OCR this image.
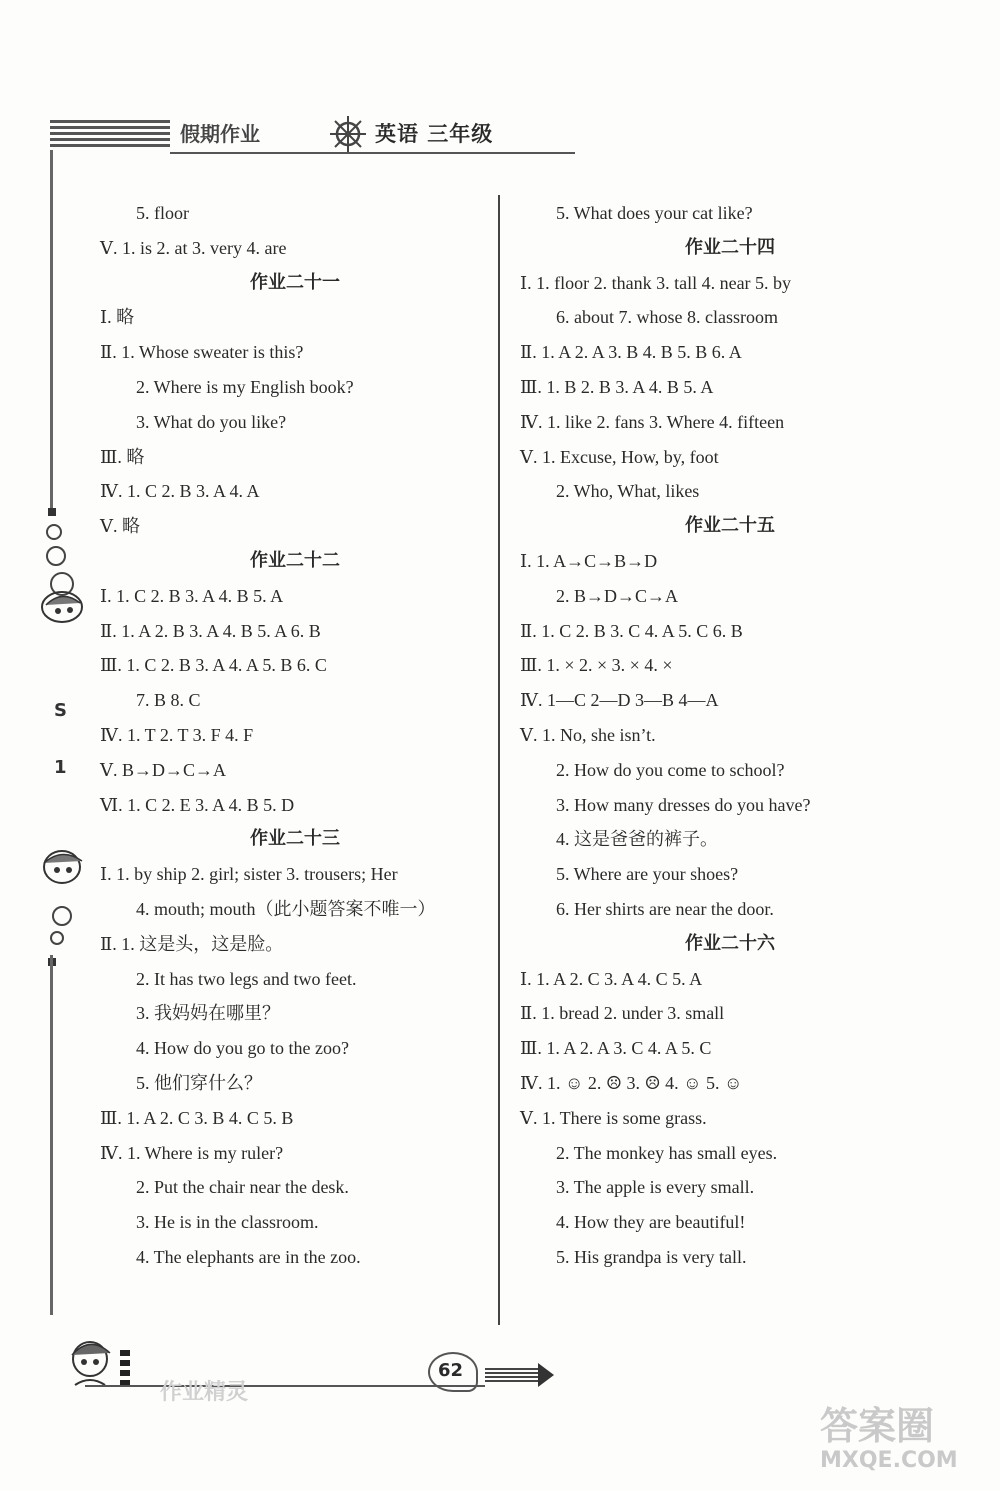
假期作业	英语 三年级
S
1
5. floor
Ⅴ. 1. is 2. at 3. very 4. are
作业二十一
Ⅰ. 略
Ⅱ. 1. Whose sweater is this?
2. Where is my English book?
3. What do you like?
Ⅲ. 略
Ⅳ. 1. C 2. B 3. A 4. A
Ⅴ. 略
作业二十二
Ⅰ. 1. C 2. B 3. A 4. B 5. A
Ⅱ. 1. A 2. B 3. A 4. B 5. A 6. B
Ⅲ. 1. C 2. B 3. A 4. A 5. B 6. C
7. B 8. C
Ⅳ. 1. T 2. T 3. F 4. F
Ⅴ. B→D→C→A
Ⅵ. 1. C 2. E 3. A 4. B 5. D
作业二十三
Ⅰ. 1. by ship 2. girl; sister 3. trousers; Her
4. mouth; mouth（此小题答案不唯一）
Ⅱ. 1. 这是头，这是脸。
2. It has two legs and two feet.
3. 我妈妈在哪里？
4. How do you go to the zoo?
5. 他们穿什么？
Ⅲ. 1. A 2. C 3. B 4. C 5. B
Ⅳ. 1. Where is my ruler?
2. Put the chair near the desk.
3. He is in the classroom.
4. The elephants are in the zoo.
5. What does your cat like?
作业二十四
Ⅰ. 1. floor 2. thank 3. tall 4. near 5. by
6. about 7. whose 8. classroom
Ⅱ. 1. A 2. A 3. B 4. B 5. B 6. A
Ⅲ. 1. B 2. B 3. A 4. B 5. A
Ⅳ. 1. like 2. fans 3. Where 4. fifteen
Ⅴ. 1. Excuse, How, by, foot
2. Who, What, likes
作业二十五
Ⅰ. 1. A→C→B→D
2. B→D→C→A
Ⅱ. 1. C 2. B 3. C 4. A 5. C 6. B
Ⅲ. 1. × 2. × 3. × 4. ×
Ⅳ. 1—C 2—D 3—B 4—A
Ⅴ. 1. No, she isn’t.
2. How do you come to school?
3. How many dresses do you have?
4. 这是爸爸的裤子。
5. Where are your shoes?
6. Her shirts are near the door.
作业二十六
Ⅰ. 1. A 2. C 3. A 4. C 5. A
Ⅱ. 1. bread 2. under 3. small
Ⅲ. 1. A 2. A 3. C 4. A 5. C
Ⅳ. 1. ☺ 2. ☹ 3. ☹ 4. ☺ 5. ☺
Ⅴ. 1. There is some grass.
2. The monkey has small eyes.
3. The apple is every small.
4. How they are beautiful!
5. His grandpa is very tall.
作业精灵
62
答案圈
MXQE.COM
